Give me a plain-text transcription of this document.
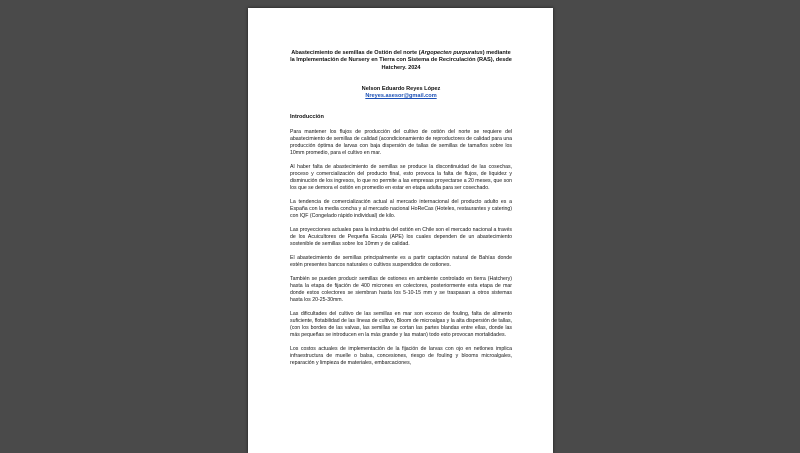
Abastecimiento de semillas de Ostión del norte (Argopecten purpuratus) mediante la Implementación de Nursery en Tierra con Sistema de Recirculación (RAS), desde Hatchery. 2024

Nelson Eduardo Reyes López
Nreyes.asesor@gmail.com
Introducción

Para mantener los flujos de producción del cultivo de ostión del norte se requiere del abastecimiento de semillas de calidad (acondicionamiento de reproductores de calidad para una producción óptima de larvas con baja dispersión de tallas de semillas de tamaños sobre los 10mm promedio, para el cultivo en mar.

Al haber falta de abastecimiento de semillas se produce la discontinuidad de las cosechas, proceso y comercialización del producto final, esto provoca la falta de flujos, de liquidez y disminución de los ingresos, lo que no permite a las empresas proyectarse a 20 meses, que son los que se demora el ostión en promedio en estar en etapa adulta para ser cosechado.

La tendencia de comercialización actual al mercado internacional del producto adulto es a España con la media concha y al mercado nacional HoReCas (Hoteles, restaurantes y catering) con IQF (Congelado rápido individual) de kilo.

Las proyecciones actuales para la industria del ostión en Chile son el mercado nacional a través de los Acuicultores de Pequeña Escala (APE) los cuales dependen de un abastecimiento sostenible de semillas sobre los 10mm y de calidad.

El abastecimiento de semillas principalmente es a partir captación natural de Bahías donde estén presentes bancos naturales o cultivos suspendidos de ostiones.

También se pueden producir semillas de ostiones en ambiente controlado en tierra (Hatchery) hasta la etapa de fijación de 400 micrones en colectores, posteriormente esta etapa de mar donde estos colectores se siembran hasta los 5-10-15 mm y se traspasan a otros sistemas hasta los 20-25-30mm.

Las dificultades del cultivo de las semillas en mar son exceso de fouling, falta de alimento suficiente, flotabilidad de las líneas de cultivo, Bloom de microalgas y la alta dispersión de tallas, (con los bordes de las valvas, las semillas se cortan las partes blandas entre ellas, donde las más pequeñas se introducen en la más grande y las matan) todo esto provocan mortalidades.

Los costos actuales de implementación de la fijación de larvas con ojo en netlones implica infraestructura de muelle o balsa, concesiones, riesgo de fouling y blooms microalgales, reparación y limpieza de materiales, embarcaciones,
